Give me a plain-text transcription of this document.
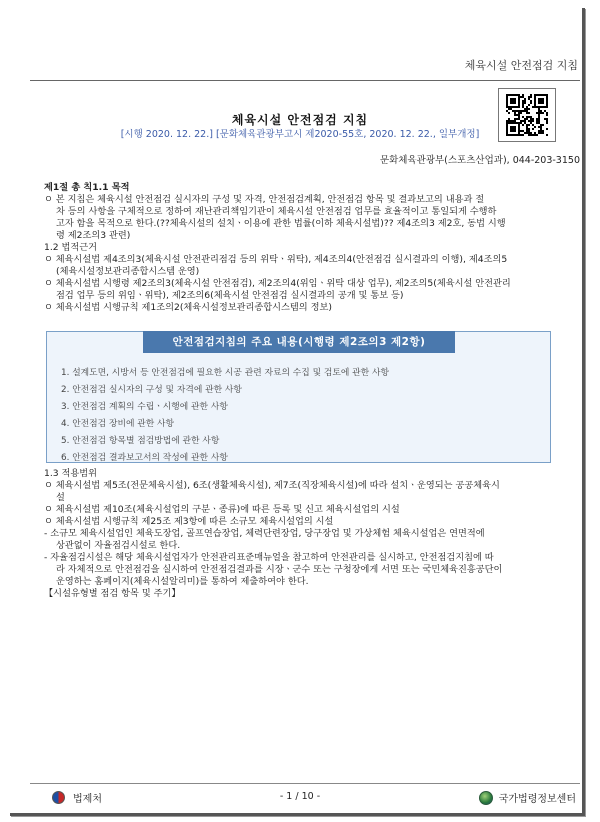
체육시설 안전점검 지침
체육시설 안전점검 지침
[시행 2020. 12. 22.] [문화체육관광부고시 제2020-55호, 2020. 12. 22., 일부개정]
문화체육관광부(스포츠산업과), 044-203-3150

제1절 총 칙1.1 목적

ㅇ 본 지침은 체육시설 안전점검 실시자의 구성 및 자격, 안전점검계획, 안전점검 항목 및 결과보고의 내용과 절

차 등의 사항을 구체적으로 정하여 재난관리책임기관이 체육시설 안전점검 업무를 효율적이고 통일되게 수행하

고자 함을 목적으로 한다.(??체육시설의 설치ㆍ이용에 관한 법률(이하 체육시설법)?? 제4조의3 제2호, 동법 시행

령 제2조의3 관련)

1.2 법적근거

ㅇ 체육시설법 제4조의3(체육시설 안전관리점검 등의 위탁ㆍ위탁), 제4조의4(안전점검 실시결과의 이행), 제4조의5

(체육시설정보관리종합시스템 운영)

ㅇ 체육시설법 시행령 제2조의3(체육시설 안전점검), 제2조의4(위임ㆍ위탁 대상 업무), 제2조의5(체육시설 안전관리

점검 업무 등의 위임ㆍ위탁), 제2조의6(체육시설 안전점검 실시결과의 공개 및 통보 등)

ㅇ 체육시설법 시행규칙 제1조의2(체육시설정보관리종합시스템의 정보)

안전점검지침의 주요 내용(시행령 제2조의3 제2항)
1. 설계도면, 시방서 등 안전점검에 필요한 시공 관련 자료의 수집 및 검토에 관한 사항
2. 안전점검 실시자의 구성 및 자격에 관한 사항
3. 안전점검 계획의 수립ㆍ시행에 관한 사항
4. 안전점검 장비에 관한 사항
5. 안전점검 항목별 점검방법에 관한 사항
6. 안전점검 결과보고서의 작성에 관한 사항

1.3 적용범위

ㅇ 체육시설법 제5조(전문체육시설), 6조(생활체육시설), 제7조(직장체육시설)에 따라 설치ㆍ운영되는 공공체육시

설

ㅇ 체육시설법 제10조(체육시설업의 구분ㆍ종류)에 따른 등록 및 신고 체육시설업의 시설

ㅇ 체육시설법 시행규칙 제25조 제3항에 따른 소규모 체육시설업의 시설

- 소규모 체육시설업인 체육도장업, 골프연습장업, 체력단련장업, 당구장업 및 가상체험 체육시설업은 연면적에

상관없이 자율점검시설로 한다.

- 자율점검시설은 해당 체육시설업자가 안전관리표준매뉴얼을 참고하여 안전관리를 실시하고, 안전점검지침에 따

라 자체적으로 안전점검을 실시하여 안전점검결과를 시장ㆍ군수 또는 구청장에게 서면 또는 국민체육진흥공단이

운영하는 홈페이지(체육시설알리미)를 통하여 제출하여야 한다.

【시설유형별 점검 항목 및 주기】

법제처	- 1 / 10 -	국가법령정보센터
